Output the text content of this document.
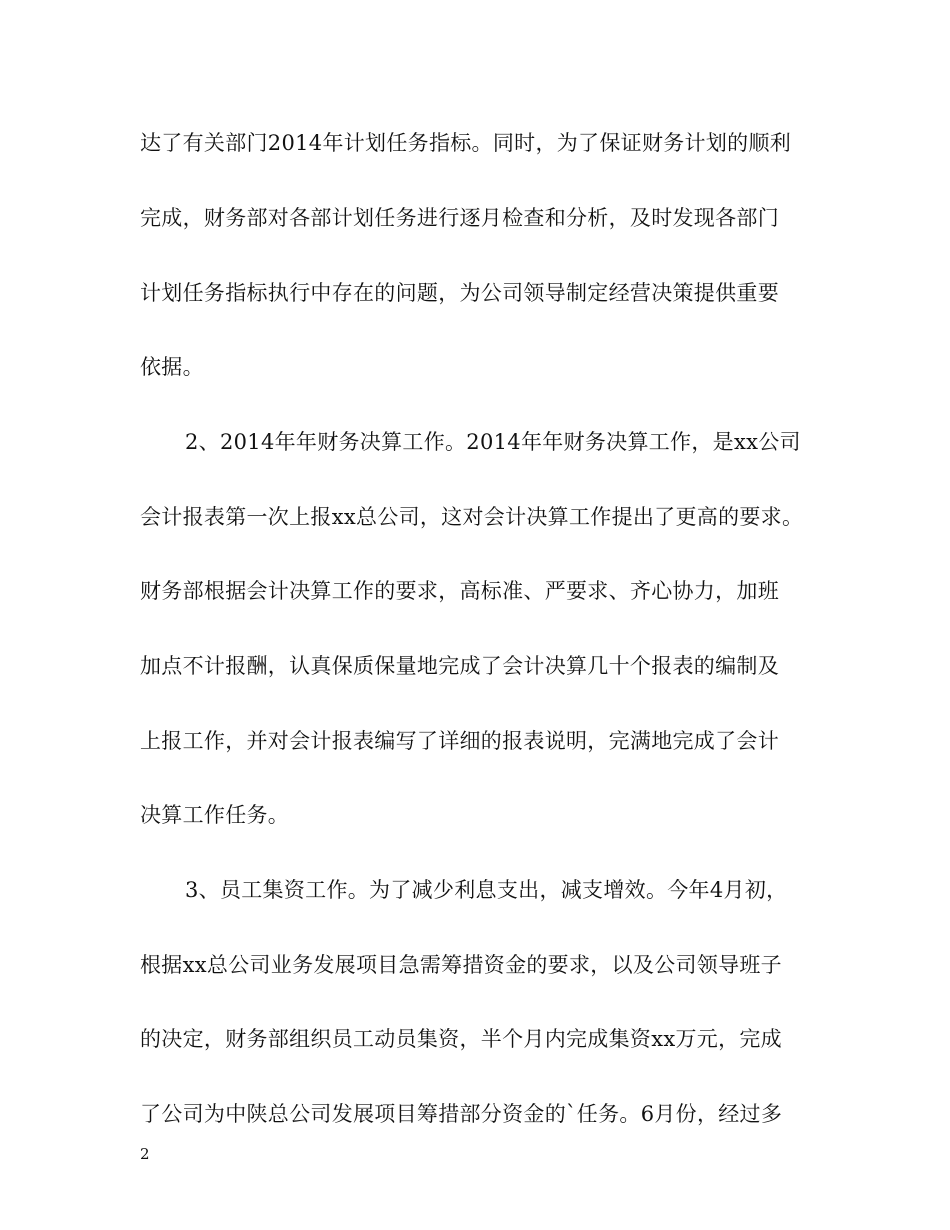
达了有关部门2014年计划任务指标。同时，为了保证财务计划的顺利
完成，财务部对各部计划任务进行逐月检查和分析，及时发现各部门
计划任务指标执行中存在的问题，为公司领导制定经营决策提供重要
依据。
2、2014年年财务决算工作。2014年年财务决算工作，是xx公司
会计报表第一次上报xx总公司，这对会计决算工作提出了更高的要求。
财务部根据会计决算工作的要求，高标准、严要求、齐心协力，加班
加点不计报酬，认真保质保量地完成了会计决算几十个报表的编制及
上报工作，并对会计报表编写了详细的报表说明，完满地完成了会计
决算工作任务。
3、员工集资工作。为了减少利息支出，减支增效。今年4月初，
根据xx总公司业务发展项目急需筹措资金的要求，以及公司领导班子
的决定，财务部组织员工动员集资，半个月内完成集资xx万元，完成
了公司为中陕总公司发展项目筹措部分资金的`任务。6月份，经过多
2
